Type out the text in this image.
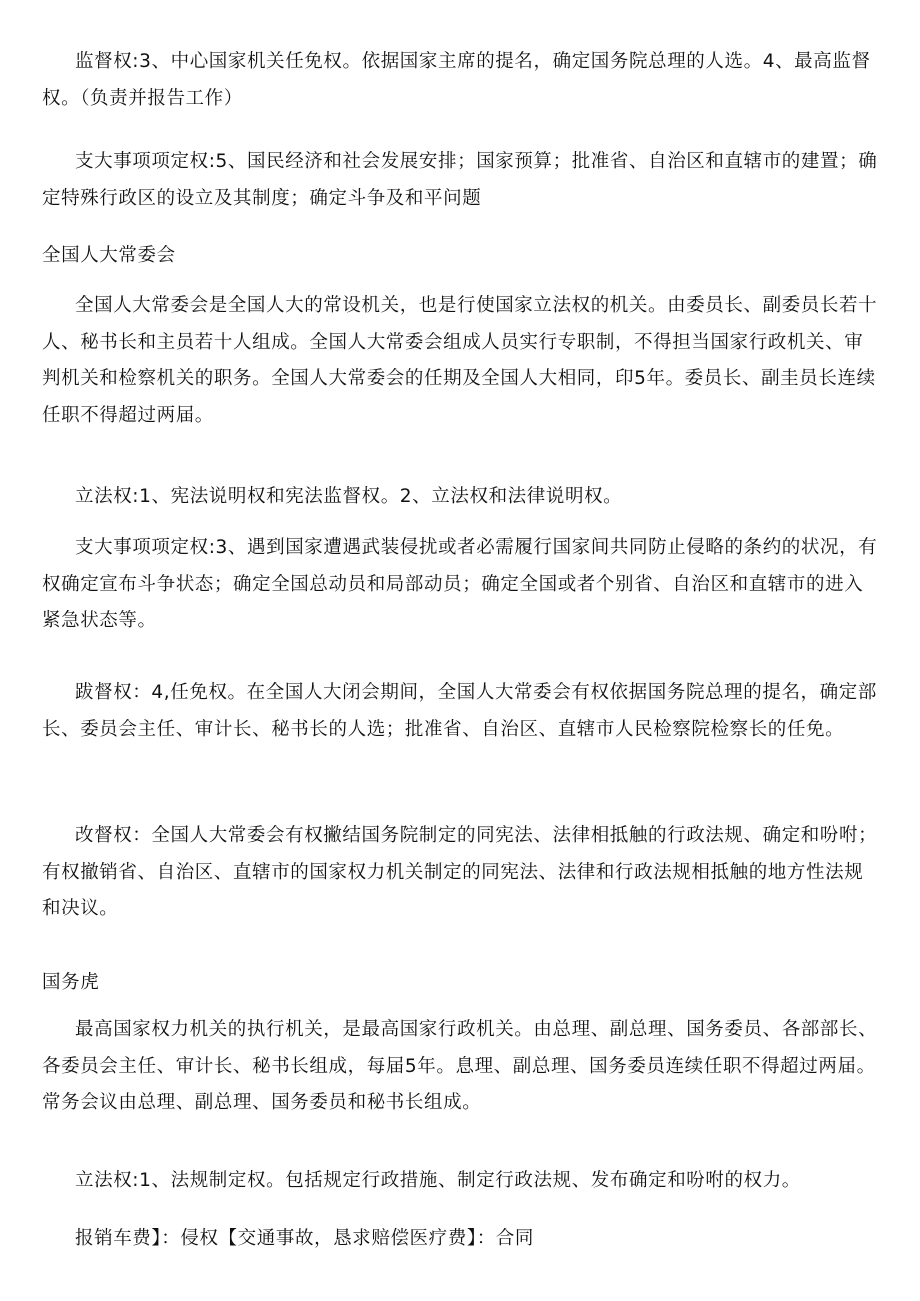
监督权:3、中心国家机关任免权。依据国家主席的提名，确定国务院总理的人选。4、最高监督权。（负责并报告工作）

支大事项项定权:5、国民经济和社会发展安排；国家预算；批准省、自治区和直辖市的建置；确定特殊行政区的设立及其制度；确定斗争及和平问题

全国人大常委会

全国人大常委会是全国人大的常设机关，也是行使国家立法权的机关。由委员长、副委员长若十人、秘书长和主员若十人组成。全国人大常委会组成人员实行专职制，不得担当国家行政机关、审判机关和检察机关的职务。全国人大常委会的任期及全国人大相同，印5年。委员长、副圭员长连续任职不得超过两届。

立法权:1、宪法说明权和宪法监督权。2、立法权和法律说明权。

支大事项项定权:3、遇到国家遭遇武装侵扰或者必需履行国家间共同防止侵略的条约的状况，有权确定宣布斗争状态；确定全国总动员和局部动员；确定全国或者个别省、自治区和直辖市的进入紧急状态等。

跋督权：4,任免权。在全国人大闭会期间，全国人大常委会有权依据国务院总理的提名，确定部长、委员会主任、审计长、秘书长的人选；批准省、自治区、直辖市人民检察院检察长的任免。

改督权：全国人大常委会有权撇结国务院制定的同宪法、法律相抵触的行政法规、确定和吩咐；有权撤销省、自治区、直辖市的国家权力机关制定的同宪法、法律和行政法规相抵触的地方性法规和决议。

国务虎

最高国家权力机关的执行机关，是最高国家行政机关。由总理、副总理、国务委员、各部部长、各委员会主任、审计长、秘书长组成，每届5年。息理、副总理、国务委员连续任职不得超过两届。常务会议由总理、副总理、国务委员和秘书长组成。

立法权:1、法规制定权。包括规定行政措施、制定行政法规、发布确定和吩咐的权力。

报销车费】：侵权【交通事故，恳求赔偿医疗费】：合同
